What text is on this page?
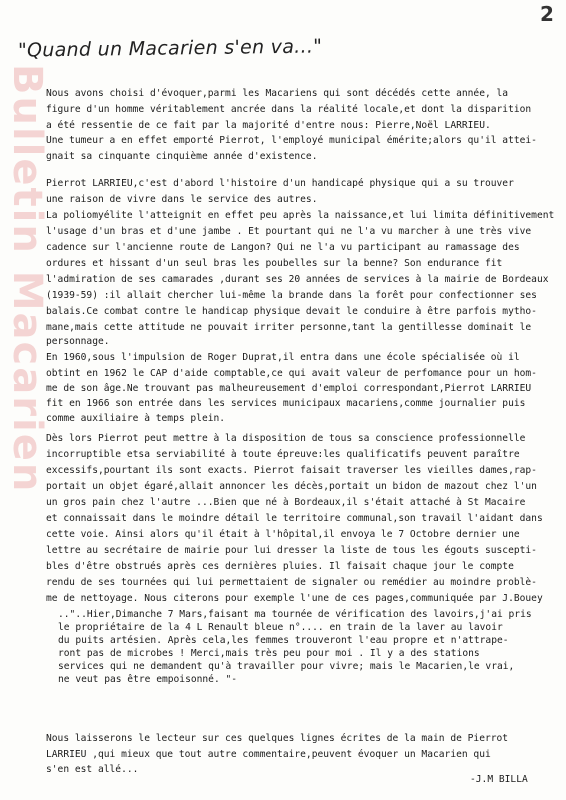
2
"Quand un Macarien s'en va..."
Bulletin Macarien
Nous avons choisi d'évoquer,parmi les Macariens qui sont décédés cette année, la
figure d'un homme véritablement ancrée dans la réalité locale,et dont la disparition
a été ressentie de ce fait par la majorité d'entre nous: Pierre,Noël LARRIEU.
Une tumeur a en effet emporté Pierrot, l'employé municipal émérite;alors qu'il attei-
gnait sa cinquante cinquième année d'existence.
Pierrot LARRIEU,c'est d'abord l'histoire d'un handicapé physique qui a su trouver
une raison de vivre dans le service des autres.
La poliomyélite l'atteignit en effet peu après la naissance,et lui limita définitivement
l'usage d'un bras et d'une jambe . Et pourtant qui ne l'a vu marcher à une très vive
cadence sur l'ancienne route de Langon? Qui ne l'a vu participant au ramassage des
ordures et hissant d'un seul bras les poubelles sur la benne? Son endurance fit
l'admiration de ses camarades ,durant ses 20 années de services à la mairie de Bordeaux
(1939-59) :il allait chercher lui-même la brande dans la forêt pour confectionner ses
balais.Ce combat contre le handicap physique devait le conduire à être parfois mytho-
mane,mais cette attitude ne pouvait irriter personne,tant la gentillesse dominait le
personnage.
En 1960,sous l'impulsion de Roger Duprat,il entra dans une école spécialisée où il
obtint en 1962 le CAP d'aide comptable,ce qui avait valeur de perfomance pour un hom-
me de son âge.Ne trouvant pas malheureusement d'emploi correspondant,Pierrot LARRIEU
fit en 1966 son entrée dans les services municipaux macariens,comme journalier puis
comme auxiliaire à temps plein.
Dès lors Pierrot peut mettre à la disposition de tous sa conscience professionnelle
incorruptible etsa serviabilité à toute épreuve:les qualificatifs peuvent paraître
excessifs,pourtant ils sont exacts. Pierrot faisait traverser les vieilles dames,rap-
portait un objet égaré,allait annoncer les décès,portait un bidon de mazout chez l'un
un gros pain chez l'autre ...Bien que né à Bordeaux,il s'était attaché à St Macaire
et connaissait dans le moindre détail le territoire communal,son travail l'aidant dans
cette voie. Ainsi alors qu'il était à l'hôpital,il envoya le 7 Octobre dernier une
lettre au secrétaire de mairie pour lui dresser la liste de tous les égouts suscepti-
bles d'être obstrués après ces dernières pluies. Il faisait chaque jour le compte
rendu de ses tournées qui lui permettaient de signaler ou remédier au moindre problè-
me de nettoyage. Nous citerons pour exemple l'une de ces pages,communiquée par J.Bouey
.."..Hier,Dimanche 7 Mars,faisant ma tournée de vérification des lavoirs,j'ai pris
le propriétaire de la 4 L Renault bleue n°.... en train de la laver au lavoir
du puits artésien. Après cela,les femmes trouveront l'eau propre et n'attrape-
ront pas de microbes ! Merci,mais très peu pour moi . Il y a des stations
services qui ne demandent qu'à travailler pour vivre; mais le Macarien,le vrai,
ne veut pas être empoisonné. "-
Nous laisserons le lecteur sur ces quelques lignes écrites de la main de Pierrot
LARRIEU ,qui mieux que tout autre commentaire,peuvent évoquer un Macarien qui
s'en est allé...
-J.M BILLA
